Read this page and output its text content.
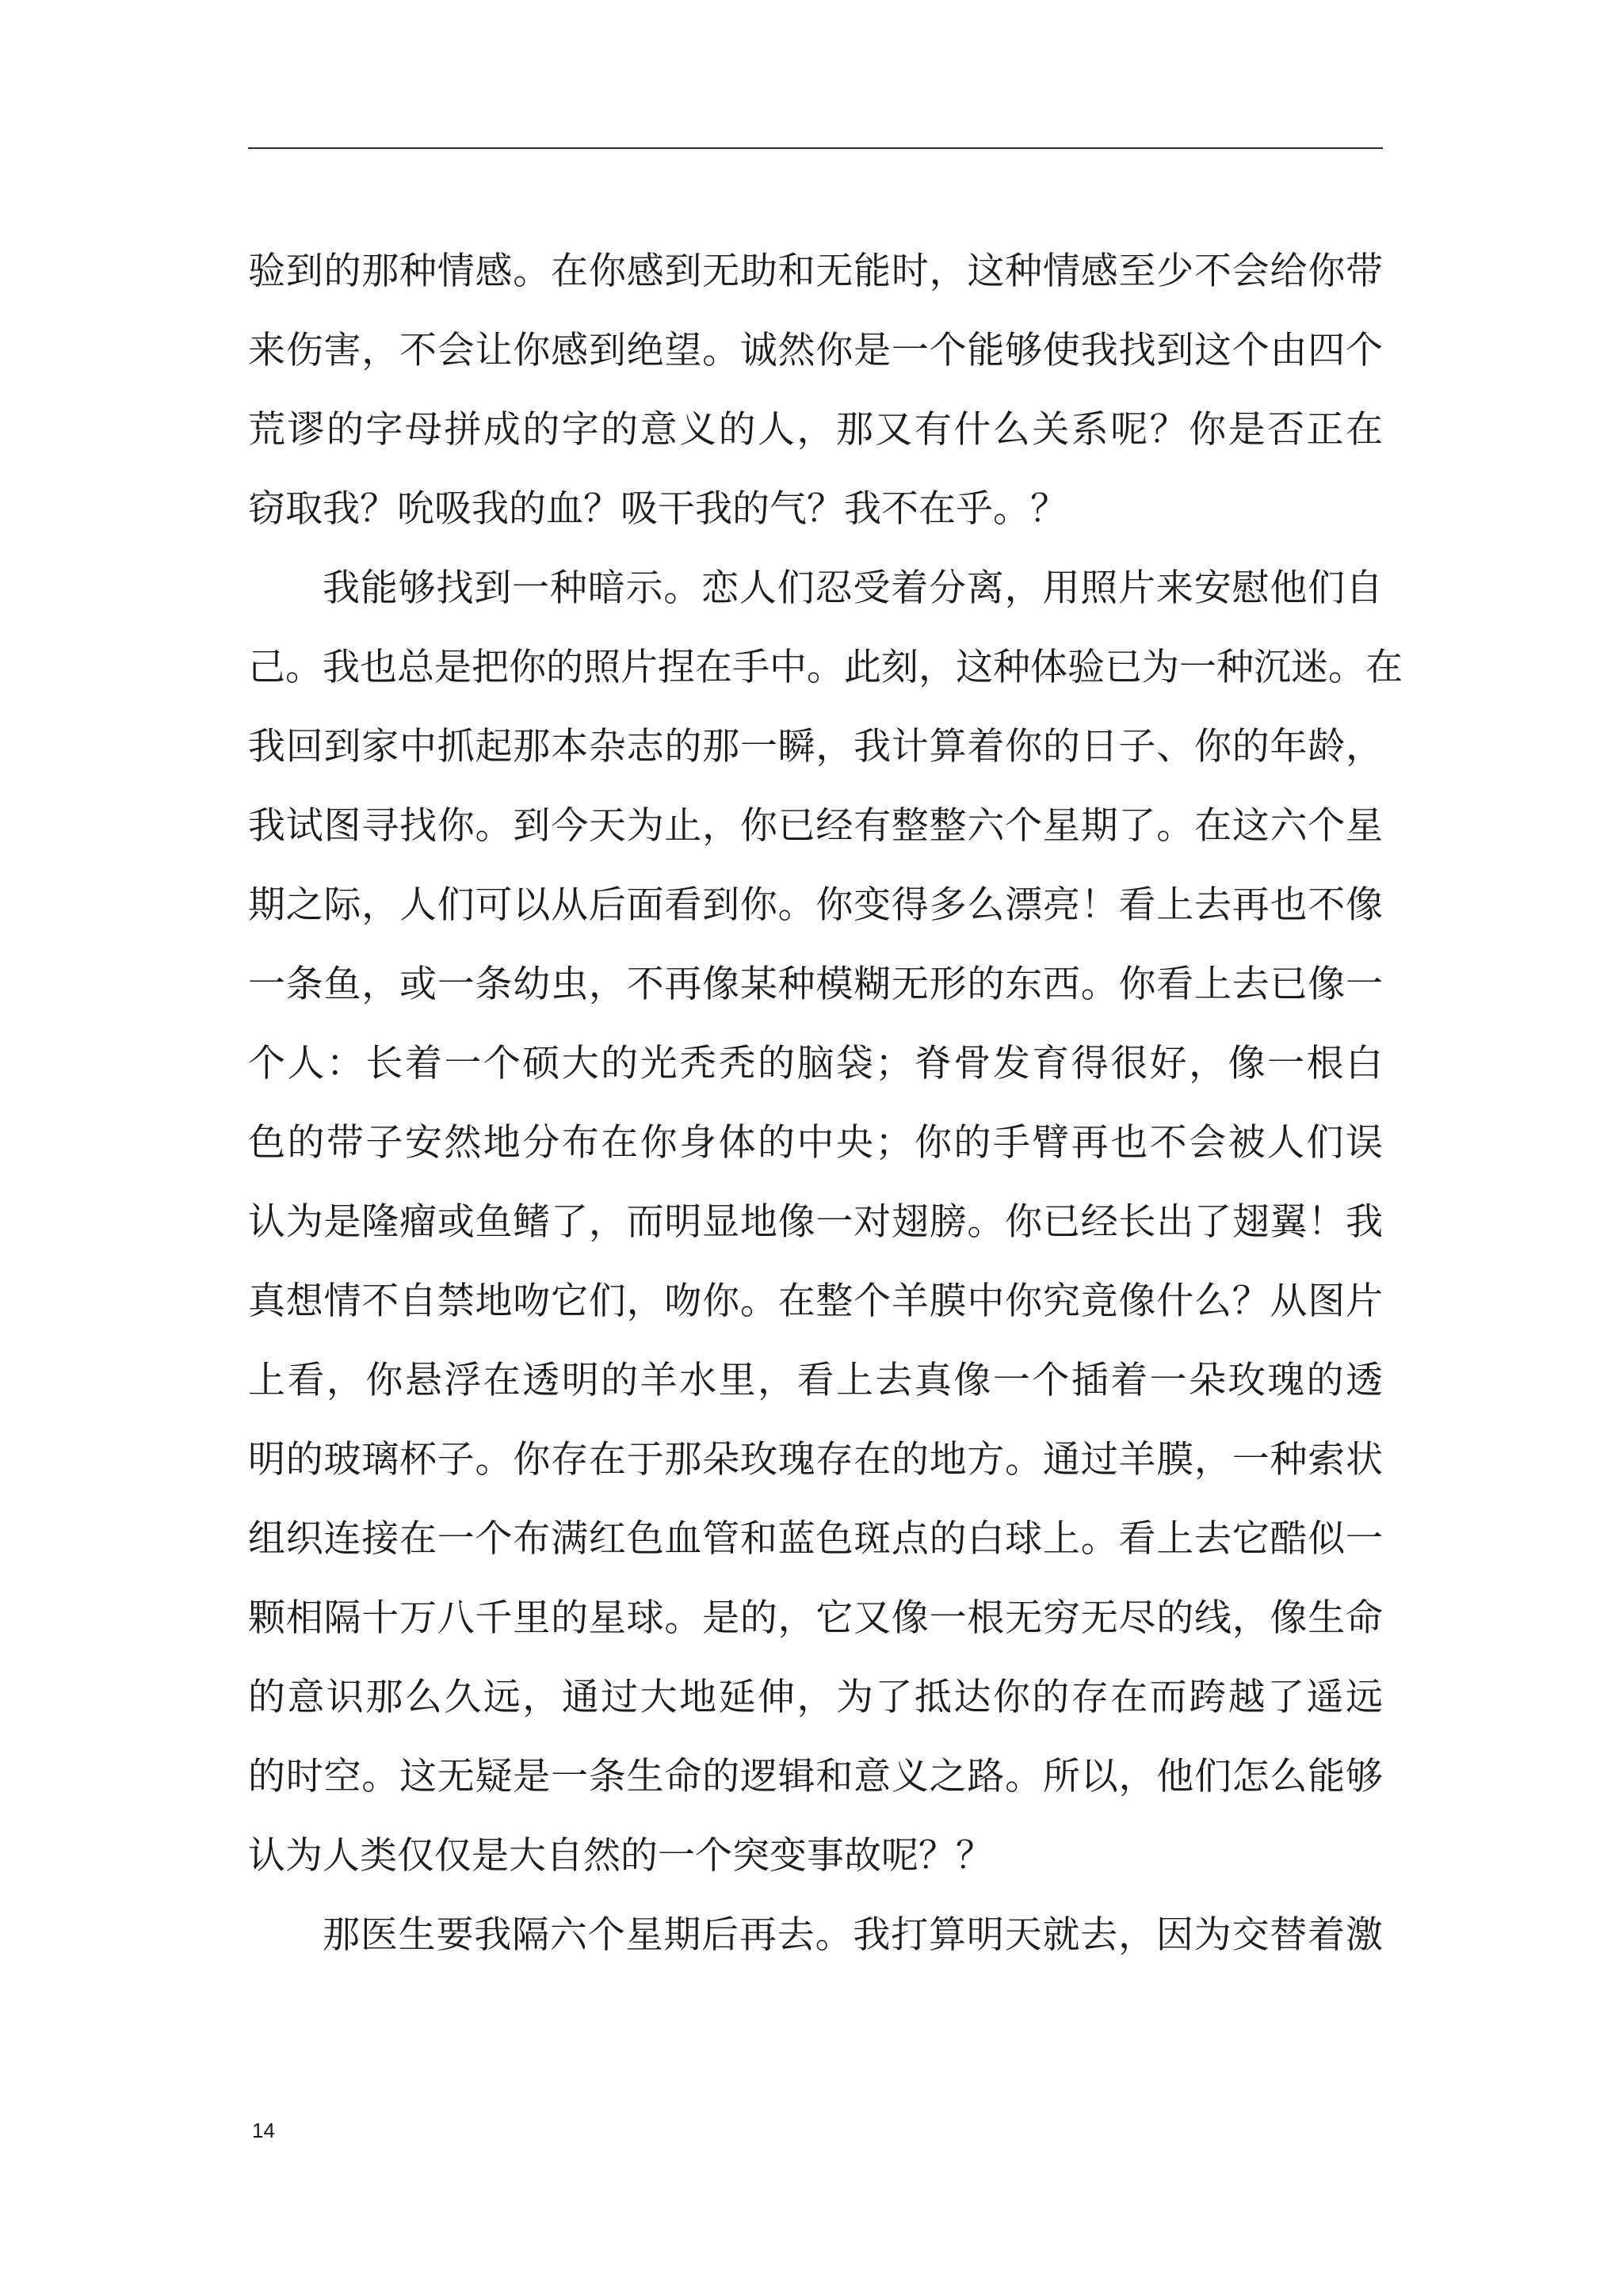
验到的那种情感。在你感到无助和无能时，这种情感至少不会给你带
来伤害，不会让你感到绝望。诚然你是一个能够使我找到这个由四个
荒谬的字母拼成的字的意义的人，那又有什么关系呢？你是否正在
窃取我？吮吸我的血？吸干我的气？我不在乎。？
我能够找到一种暗示。恋人们忍受着分离，用照片来安慰他们自
己。我也总是把你的照片捏在手中。此刻，这种体验已为一种沉迷。在
我回到家中抓起那本杂志的那一瞬，我计算着你的日子、你的年龄，
我试图寻找你。到今天为止，你已经有整整六个星期了。在这六个星
期之际，人们可以从后面看到你。你变得多么漂亮！看上去再也不像
一条鱼，或一条幼虫，不再像某种模糊无形的东西。你看上去已像一
个人：长着一个硕大的光秃秃的脑袋；脊骨发育得很好，像一根白
色的带子安然地分布在你身体的中央；你的手臂再也不会被人们误
认为是隆瘤或鱼鳍了，而明显地像一对翅膀。你已经长出了翅翼！我
真想情不自禁地吻它们，吻你。在整个羊膜中你究竟像什么？从图片
上看，你悬浮在透明的羊水里，看上去真像一个插着一朵玫瑰的透
明的玻璃杯子。你存在于那朵玫瑰存在的地方。通过羊膜，一种索状
组织连接在一个布满红色血管和蓝色斑点的白球上。看上去它酷似一
颗相隔十万八千里的星球。是的，它又像一根无穷无尽的线，像生命
的意识那么久远，通过大地延伸，为了抵达你的存在而跨越了遥远
的时空。这无疑是一条生命的逻辑和意义之路。所以，他们怎么能够
认为人类仅仅是大自然的一个突变事故呢？？
那医生要我隔六个星期后再去。我打算明天就去，因为交替着激
14
